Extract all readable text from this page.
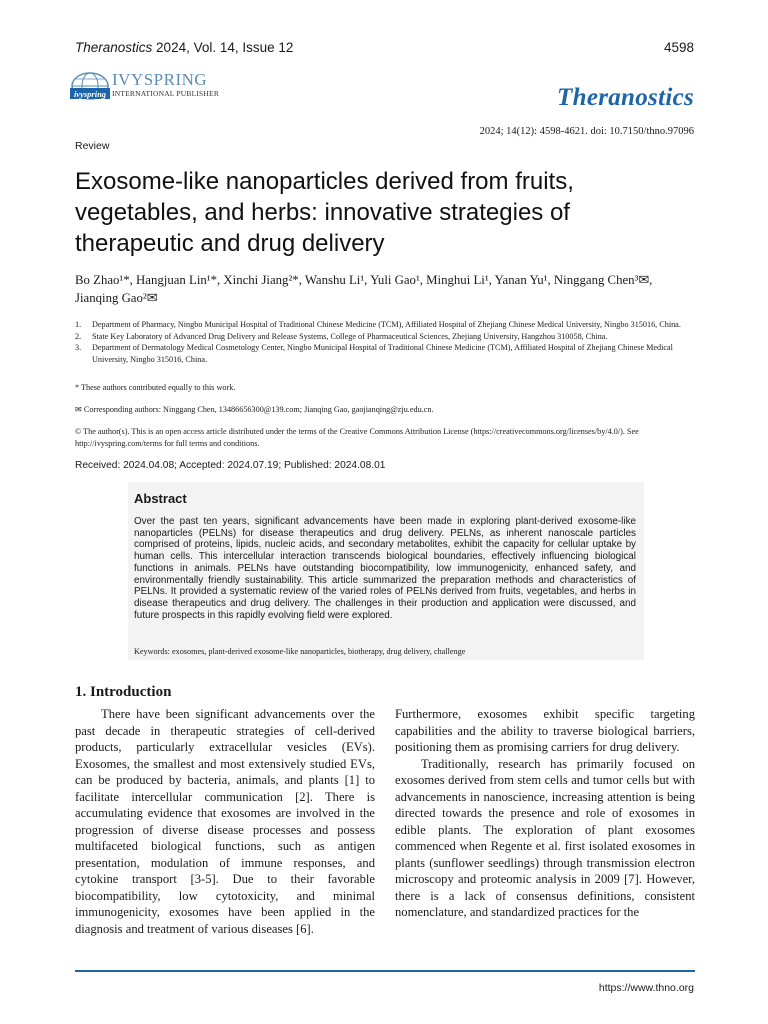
Theranostics 2024, Vol. 14, Issue 12	4598
ivyspring
IVYSPRING
INTERNATIONAL PUBLISHER	Theranostics
2024; 14(12): 4598-4621. doi: 10.7150/thno.97096
Review
Exosome-like nanoparticles derived from fruits, vegetables, and herbs: innovative strategies of therapeutic and drug delivery
Bo Zhao¹*, Hangjuan Lin¹*, Xinchi Jiang²*, Wanshu Li¹, Yuli Gao¹, Minghui Li¹, Yanan Yu¹, Ninggang Chen³✉, Jianqing Gao²✉
1.	Department of Pharmacy, Ningbo Municipal Hospital of Traditional Chinese Medicine (TCM), Affiliated Hospital of Zhejiang Chinese Medical University, Ningbo 315016, China.
2.	State Key Laboratory of Advanced Drug Delivery and Release Systems, College of Pharmaceutical Sciences, Zhejiang University, Hangzhou 310058, China.
3.	Department of Dermatology Medical Cosmetology Center, Ningbo Municipal Hospital of Traditional Chinese Medicine (TCM), Affiliated Hospital of Zhejiang Chinese Medical University, Ningbo 315016, China.
* These authors contributed equally to this work.
✉ Corresponding authors: Ninggang Chen, 13486656300@139.com; Jianqing Gao, gaojianqing@zju.edu.cn.
© The author(s). This is an open access article distributed under the terms of the Creative Commons Attribution License (https://creativecommons.org/licenses/by/4.0/). See http://ivyspring.com/terms for full terms and conditions.
Received: 2024.04.08; Accepted: 2024.07.19; Published: 2024.08.01
Abstract
Over the past ten years, significant advancements have been made in exploring plant-derived exosome-like nanoparticles (PELNs) for disease therapeutics and drug delivery. PELNs, as inherent nanoscale particles comprised of proteins, lipids, nucleic acids, and secondary metabolites, exhibit the capacity for cellular uptake by human cells. This intercellular interaction transcends biological boundaries, effectively influencing biological functions in animals. PELNs have outstanding biocompatibility, low immunogenicity, enhanced safety, and environmentally friendly sustainability. This article summarized the preparation methods and characteristics of PELNs. It provided a systematic review of the varied roles of PELNs derived from fruits, vegetables, and herbs in disease therapeutics and drug delivery. The challenges in their production and application were discussed, and future prospects in this rapidly evolving field were explored.
Keywords: exosomes, plant-derived exosome-like nanoparticles, biotherapy, drug delivery, challenge
1. Introduction

There have been significant advancements over the past decade in therapeutic strategies of cell-derived products, particularly extracellular vesicles (EVs). Exosomes, the smallest and most extensively studied EVs, can be produced by bacteria, animals, and plants [1] to facilitate intercellular communication [2]. There is accumulating evidence that exosomes are involved in the progression of diverse disease processes and possess multifaceted biological functions, such as antigen presentation, modulation of immune responses, and cytokine transport [3-5]. Due to their favorable biocompatibility, low cytotoxicity, and minimal immunogenicity, exosomes have been applied in the diagnosis and treatment of various diseases [6].

Furthermore, exosomes exhibit specific targeting capabilities and the ability to traverse biological barriers, positioning them as promising carriers for drug delivery.

Traditionally, research has primarily focused on exosomes derived from stem cells and tumor cells but with advancements in nanoscience, increasing attention is being directed towards the presence and role of exosomes in edible plants. The exploration of plant exosomes commenced when Regente et al. first isolated exosomes in plants (sunflower seedlings) through transmission electron microscopy and proteomic analysis in 2009 [7]. However, there is a lack of consensus definitions, consistent nomenclature, and standardized practices for the

https://www.thno.org
